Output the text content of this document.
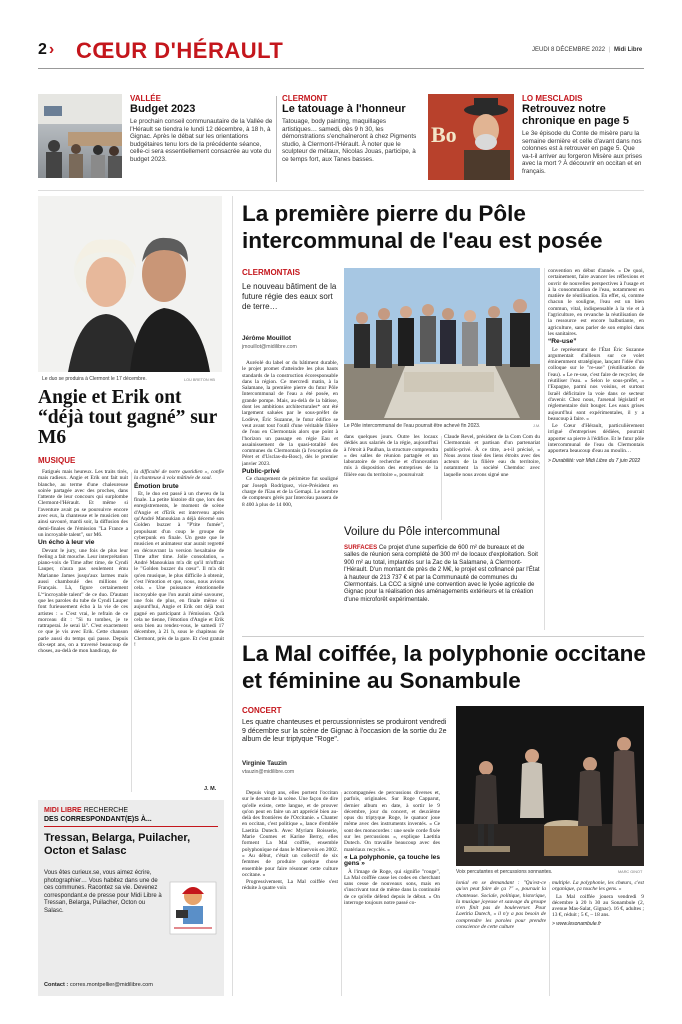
2 › CŒUR D'HÉRAULT	JEUDI 8 DÉCEMBRE 2022 | Midi Libre
VALLÉE
Budget 2023
Le prochain conseil communautaire de la Vallée de l'Hérault se tiendra le lundi 12 décembre, à 18 h, à Gignac. Après le débat sur les orientations budgétaires tenu lors de la précédente séance, celle-ci sera essentiellement consacrée au vote du budget 2023.
CLERMONT
Le tatouage à l'honneur
Tatouage, body painting, maquillages artistiques… samedi, dès 9 h 30, les démonstrations s'enchaîneront à chez Pigments studio, à Clermont-l'Hérault. À noter que le sculpteur de métaux, Nicolas Jouas, participe, à ce temps fort, aux Tanes basses.
Bo
LO MESCLADIS
Retrouvez notre chronique en page 5
Le 3e épisode du Conte de misère paru la semaine dernière et celle d'avant dans nos colonnes est à retrouver en page 5. Que va-t-il arriver au forgeron Misère aux prises avec la mort ? À découvrir en occitan et en français.
Le duo se produira à Clermont le 17 décembre.	LOU BRETON HB
Angie et Erik ont “déjà tout gagné” sur M6
MUSIQUE

Fatigués mais heureux. Les traits tirés, mais radieux. Angie et Erik ont fait nuit blanche, au terme d'une chaleureuse soirée partagée avec des proches, dans l'attente de leur concours qui surplombe Clermont-l'Hérault. Et même si l'aventure avait pu se poursuivre encore avec eux, la chanteuse et le musicien ont ainsi savouré, mardi soir, la diffusion des demi-finales de l'émission "La France a un incroyable talent", sur M6.

Un écho à leur vie

Devant le jury, une fois de plus leur feeling a fait mouche. Leur interprétation piano-voix de Time after time, de Cyndi Lauper, n'aura pas seulement ému Marianne James jusqu'aux larmes mais aussi chamboulé des millions de Français. Là, figure certainement L'“incroyable talent” de ce duo. D'autant que les paroles du tube de Cyndi Lauper font furieusement écho à la vie de ces artistes : « C'est vrai, le refrain de ce morceau dit : "Si tu tombes, je te rattraperai. Je serai là". C'est exactement ce que je vis avec Erik. Cette chanson parle aussi du temps qui passe. Depuis dix-sept ans, on a traversé beaucoup de choses, au-delà de mon handicap, de

la difficulté de notre quotidien », confie la chanteuse à voix mâtinée de soul.

Émotion brute

Et, le duo est passé à un cheveu de la finale. La petite histoire dit que, lors des enregistrements, le moment de scène d'Angie et d'Erik est intervenu après qu'André Manoukian a déjà décerné son Golden buzzer à "P'tite fumée", propulsant d'un coup le groupe de cyberpunk en finale. Un geste que le musicien et animateur star aurait regretté en découvrant la version hexaltaise de Time after time. Jolie consolation, « André Manoukian m'a dit qu'il m'offrait le "Golden buzzer du cœur". Il m'a dit qu'en musique, le plus difficile à obtenir, c'est l'émotion et que, nous, nous avions cela. » Une puissance émotionnelle incroyable que l'on aurait aimé savourer, une fois de plus, en finale même si aujourd'hui, Angie et Erik ont déjà tout gagné en participant à l'émission. Qu'à cela ne tienne, l'émotion d'Angie et Erik sera bien au rendez-vous, le samedi 17 décembre, à 21 h, sous le chapiteau de Clermont, près de la gare. Et c'est gratuit !

J. M.
MIDI LIBRE RECHERCHE
DES CORRESPONDANT(E)S À...
Tressan, Belarga, Puilacher, Octon et Salasc
Vous êtes curieux.se, vous aimez écrire, photographier… Vous habitez dans une de ces communes. Racontez sa vie. Devenez correspondant.e de presse pour Midi Libre à Tressan, Belarga, Puilacher, Octon ou Salasc.
Contact : corres.montpellier@midilibre.com
La première pierre du Pôle intercommunal de l'eau est posée
CLERMONTAIS
Le nouveau bâtiment de la future régie des eaux sort de terre…
Jérôme Mouillot
jmouillot@midilibre.com

Auréolé du label or du bâtiment durable, le projet promet d'atteindre les plus hauts standards de la construction écoresponsable dans la région. Ce mercredi matin, à la Salamane, la première pierre du futur Pôle Intercommunal de l'eau a été posée, en grande pompe. Mais, au-delà de la bâtisse, dont les ambitions architecturales* ont été largement saluées par le sous-préfet de Lodève, Éric Suzanne, le futur édifice se veut avant tout l'outil d'une véritable filière de l'eau en Clermontais alors que point à l'horizon un passage en régie Eau et assainissement de la quasi-totalité des communes du Clermontais (à l'exception de Péret et d'Usclas-du-Bosc), dès le premier janvier 2023.

Public-privé

Ce changement de périmètre fut souligné par Joseph Rodriguez, vice-Président en charge de l'Eau et de la Gemapi. Le nombre de compteurs gérés par Intercéau passera de 8 400 à plus de 14 000,

Le Pôle intercommunal de l'eau pourrait être achevé fin 2023.	J.M.

dans quelques jours. Outre les locaux dédiés aux salariés de la régie, aujourd'hui à l'étroit à Paulhan, la structure comprendra « des salles de réunion partagée et un laboratoire de recherche et d'innovation mis à disposition des entreprises de la filière eau du territoire », poursuivait

Claude Revel, président de la Com Com du Clermontais et partisan d'un partenariat public-privé. À ce titre, a-t-il précisé, « Nous avons tissé des liens étroits avec des acteurs de la filière eau du territoire, notamment la société Chemdoc avec laquelle nous avons signé une

Voilure du Pôle intercommunal
SURFACES Ce projet d'une superficie de 600 m² de bureaux et de salles de réunion sera complété de 300 m² de locaux d'exploitation. Soit 900 m² au total, implantés sur la Zac de la Salamane, à Clermont-l'Hérault. D'un montant de près de 2 M€, le projet est cofinancé par l'État à hauteur de 213 737 € et par la Communauté de communes du Clermontais. La CCC a signé une convention avec le lycée agricole de Gignac pour la réalisation des aménagements extérieurs et la création d'une microforêt expérimentale.

convention en début d'année. » De quoi, certainement, faire avancer les réflexions et ouvrir de nouvelles perspectives à l'usage et à la consommation de l'eau, notamment en matière de réutilisation. En effet, si, comme chacun le souligne, l'eau est un bien commun, vital, indispensable à la vie et à l'agriculture, en revanche la réutilisation de la ressource est encore balbutiante, en agriculture, sans parler de son emploi dans les sanitaires.

“Re-use”

Le représentant de l'État Éric Suzanne argumentait d'ailleurs sur ce volet éminemment stratégique, lançant l'idée d'un colloque sur le "re-use" (réutilisation de l'eau). « Le re-use, c'est faire de recycler, de réutiliser l'eau. » Selon le sous-préfet, « l'Espagne, parmi nos voisins, et surtout Israël déficitaire la voie dans ce secteur d'avenir. Chez nous, l'arsenal législatif et réglementaire doit bouger. Les eaux grises aujourd'hui sont expérimentales, il y a beaucoup à faire. »

Le Cœur d'Hérault, particulièrement irrigué d'entreprises dédiées, pourrait apporter sa pierre à l'édifice. Et le futur pôle intercommunal de l'eau du Clermontais apportera beaucoup d'eau au moulin…

> Durabilité: voir Midi Libre du 7 juin 2022

La Mal coiffée, la polyphonie occitane et féminine au Sonambule
CONCERT
Les quatre chanteuses et percussionnistes se produiront vendredi 9 décembre sur la scène de Gignac à l'occasion de la sortie du 2e album de leur triptyque "Roge".
Virginie Tauzin
vtauzin@midilibre.com

Depuis vingt ans, elles portent l'occitan sur le devant de la scène. Une façon de dire qu'elle existe, cette langue, et de prouver qu'on peut en faire un art apprécié bien au-delà des frontières de l'Occitanie. « Chanter en occitan, c'est politique », lance d'emblée Laetitia Dutech. Avec Myriam Boisserie, Marie Coumes et Karine Berny, elles forment La Mal coiffée, ensemble polyphonique né dans le Minervois en 2002. « Au début, c'était un collectif de six femmes de produire quelque chose ensemble pour faire résonner cette culture occitane. »

Progressivement, La Mal coiffée s'est réduite à quatre voix

accompagnées de percussions diverses et, parfois, originales. Sur Roge Capparut, dernier album en date, à sortir le 9 décembre, jour du concert, et deuxième opus du triptyque Roge, le quatuor joue même avec des instruments inventés. « Ce sont des monocordes : une seule corde fixée sur les percussions », explique Laetitia Dutech. On travaille beaucoup avec des matériaux recyclés. »

« La polyphonie, ça touche les gens »

À l'image de Roge, qui signifie "rouge", La Mal coiffée casse les codes en cherchant sans cesse de nouveaux sons, mais en s'inscrivant tout de même dans la continuité de ce qu'elle défend depuis le début. « On interroge toujours notre passé co-

Voix percutantes et percussions sonnantes.	MARC GINOT

lonial en se demandant : "Qu'est-ce qu'on peut faire de ça ?" », poursuit la chanteuse. Sociale, politique, historique, la musique joyeuse et sauvage du groupe n'en finit pas de bouleverser. Pour Laetitia Dutech, « il n'y a pas besoin de comprendre les paroles pour prendre conscience de cette culture

multiple. La polyphonie, les chœurs, c'est organique, ça touche les gens. »

La Mal coiffée jouera vendredi 9 décembre à 20 h 30 au Sonambule (2, avenue Mas-Salat, Gignac). 16 €, adultes ; 13 €, réduit ; 5 €, – 18 ans.

> www.lesonambule.fr
